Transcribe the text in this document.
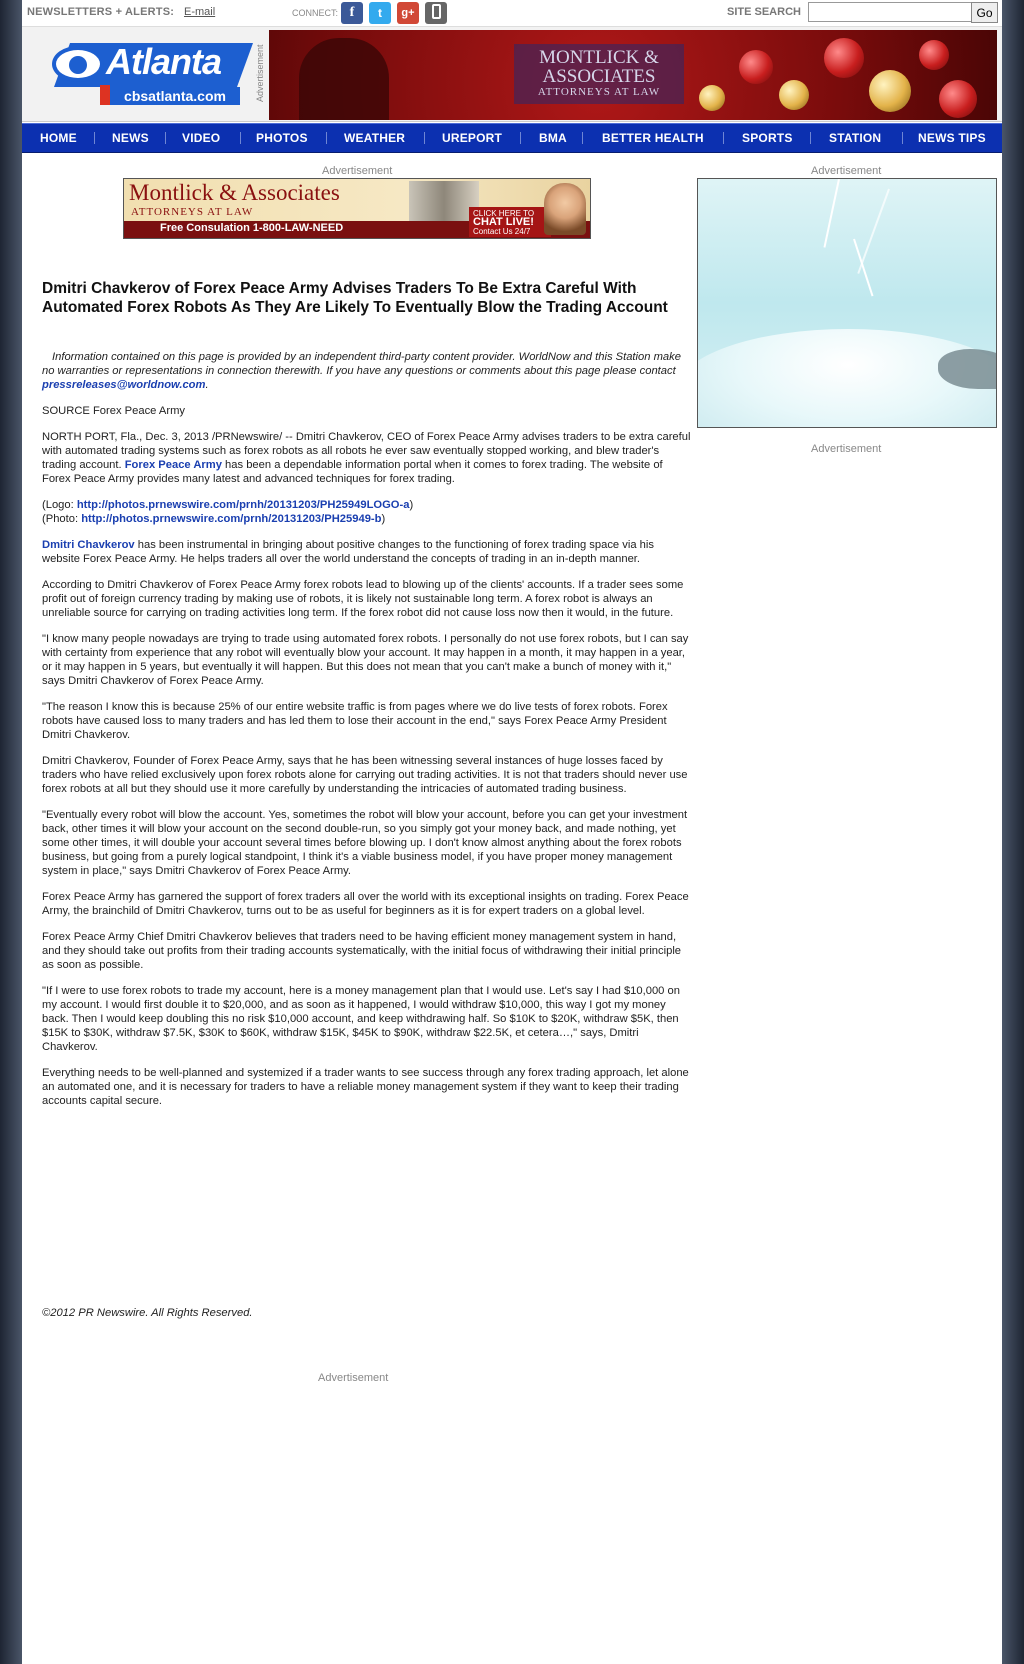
NEWSLETTERS + ALERTS: E-mail	CONNECT: f	t	g+	SITE SEARCH	Go
Atlanta
cbsatlanta.com	Advertisement	MONTLICK &
ASSOCIATES
ATTORNEYS AT LAW
HOME	NEWS	VIDEO	PHOTOS	WEATHER	UREPORT	BMA	BETTER HEALTH	SPORTS	STATION	NEWS TIPS
Advertisement
Montlick & Associates
ATTORNEYS AT LAW
Free Consulation 1-800-LAW-NEED
CLICK HERE TO
CHAT LIVE!
Contact Us 24/7
Advertisement
Advertisement
Dmitri Chavkerov of Forex Peace Army Advises Traders To Be Extra Careful With Automated Forex Robots As They Are Likely To Eventually Blow the Trading Account

Information contained on this page is provided by an independent third-party content provider. WorldNow and this Station make no warranties or representations in connection therewith. If you have any questions or comments about this page please contact pressreleases@worldnow.com.

SOURCE Forex Peace Army

NORTH PORT, Fla., Dec. 3, 2013 /PRNewswire/ -- Dmitri Chavkerov, CEO of Forex Peace Army advises traders to be extra careful with automated trading systems such as forex robots as all robots he ever saw eventually stopped working, and blew trader's trading account. Forex Peace Army has been a dependable information portal when it comes to forex trading. The website of Forex Peace Army provides many latest and advanced techniques for forex trading.

(Logo: http://photos.prnewswire.com/prnh/20131203/PH25949LOGO-a)
(Photo: http://photos.prnewswire.com/prnh/20131203/PH25949-b)

Dmitri Chavkerov has been instrumental in bringing about positive changes to the functioning of forex trading space via his website Forex Peace Army. He helps traders all over the world understand the concepts of trading in an in-depth manner.

According to Dmitri Chavkerov of Forex Peace Army forex robots lead to blowing up of the clients' accounts. If a trader sees some profit out of foreign currency trading by making use of robots, it is likely not sustainable long term. A forex robot is always an unreliable source for carrying on trading activities long term. If the forex robot did not cause loss now then it would, in the future.

"I know many people nowadays are trying to trade using automated forex robots. I personally do not use forex robots, but I can say with certainty from experience that any robot will eventually blow your account. It may happen in a month, it may happen in a year, or it may happen in 5 years, but eventually it will happen. But this does not mean that you can't make a bunch of money with it," says Dmitri Chavkerov of Forex Peace Army.

"The reason I know this is because 25% of our entire website traffic is from pages where we do live tests of forex robots. Forex robots have caused loss to many traders and has led them to lose their account in the end," says Forex Peace Army President Dmitri Chavkerov.

Dmitri Chavkerov, Founder of Forex Peace Army, says that he has been witnessing several instances of huge losses faced by traders who have relied exclusively upon forex robots alone for carrying out trading activities. It is not that traders should never use forex robots at all but they should use it more carefully by understanding the intricacies of automated trading business.

"Eventually every robot will blow the account. Yes, sometimes the robot will blow your account, before you can get your investment back, other times it will blow your account on the second double-run, so you simply got your money back, and made nothing, yet some other times, it will double your account several times before blowing up. I don't know almost anything about the forex robots business, but going from a purely logical standpoint, I think it's a viable business model, if you have proper money management system in place," says Dmitri Chavkerov of Forex Peace Army.

Forex Peace Army has garnered the support of forex traders all over the world with its exceptional insights on trading. Forex Peace Army, the brainchild of Dmitri Chavkerov, turns out to be as useful for beginners as it is for expert traders on a global level.

Forex Peace Army Chief Dmitri Chavkerov believes that traders need to be having efficient money management system in hand, and they should take out profits from their trading accounts systematically, with the initial focus of withdrawing their initial principle as soon as possible.

"If I were to use forex robots to trade my account, here is a money management plan that I would use. Let's say I had $10,000 on my account. I would first double it to $20,000, and as soon as it happened, I would withdraw $10,000, this way I got my money back. Then I would keep doubling this no risk $10,000 account, and keep withdrawing half. So $10K to $20K, withdraw $5K, then $15K to $30K, withdraw $7.5K, $30K to $60K, withdraw $15K, $45K to $90K, withdraw $22.5K, et cetera…," says, Dmitri Chavkerov.

Everything needs to be well-planned and systemized if a trader wants to see success through any forex trading approach, let alone an automated one, and it is necessary for traders to have a reliable money management system if they want to keep their trading accounts capital secure.

©2012 PR Newswire. All Rights Reserved.
Advertisement
